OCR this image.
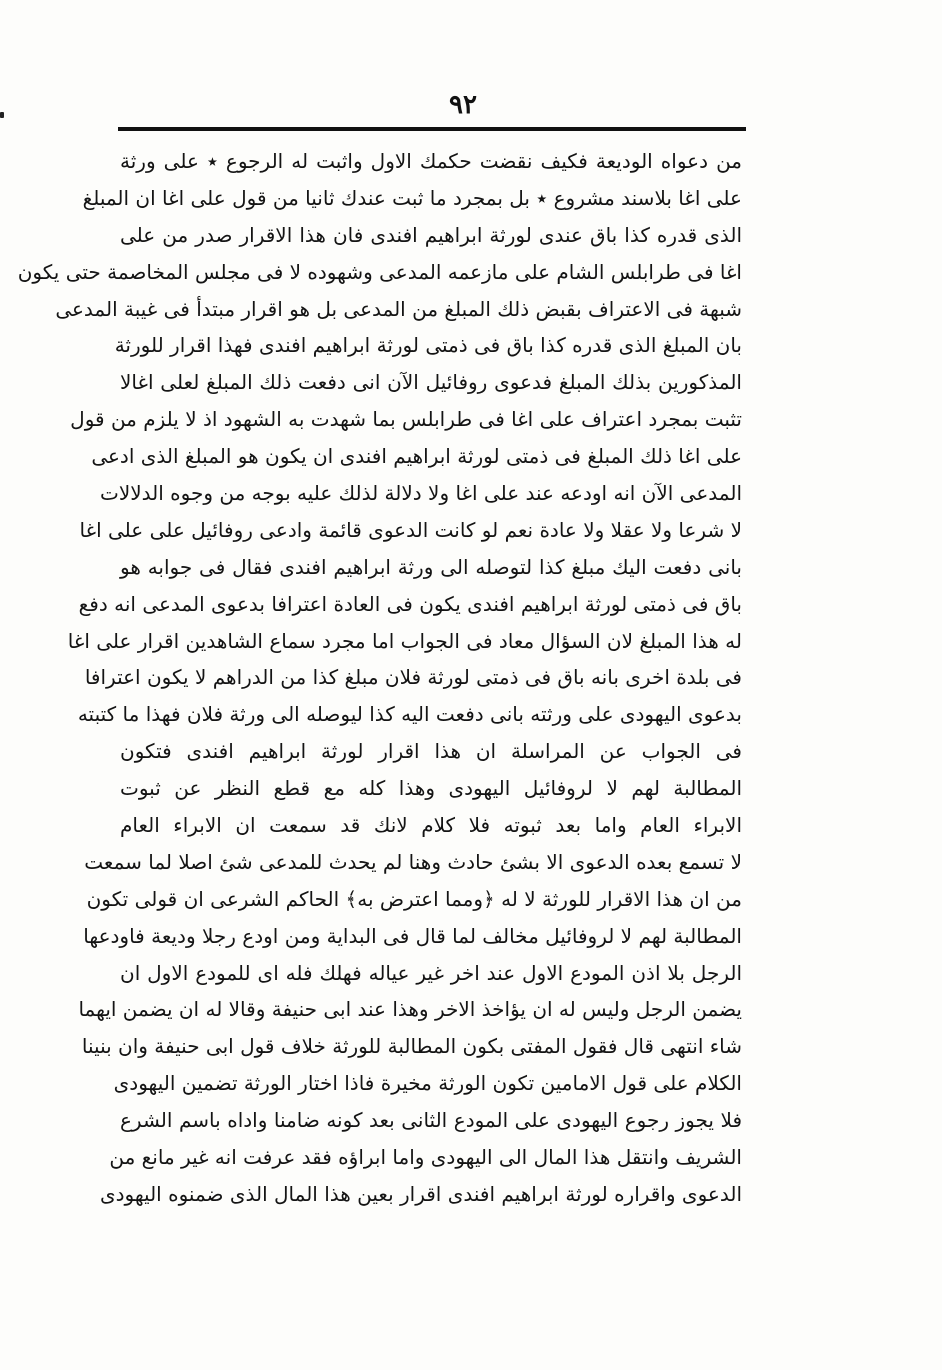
٩٢
من دعواه الوديعة فكيف نقضت حكمك الاول واثبت له الرجوع ٭ على ورثة
على اغا بلاسند مشروع ٭ بل بمجرد ما ثبت عندك ثانيا من قول على اغا ان المبلغ
الذى قدره كذا باق عندى لورثة ابراهيم افندى فان هذا الاقرار صدر من على
اغا فى طرابلس الشام على مازعمه المدعى وشهوده لا فى مجلس المخاصمة حتى يكون
شبهة فى الاعتراف بقبض ذلك المبلغ من المدعى بل هو اقرار مبتدأ فى غيبة المدعى
بان المبلغ الذى قدره كذا باق فى ذمتى لورثة ابراهيم افندى فهذا اقرار للورثة
المذكورين بذلك المبلغ فدعوى روفائيل الآن انى دفعت ذلك المبلغ لعلى اغالا
تثبت بمجرد اعتراف على اغا فى طرابلس بما شهدت به الشهود اذ لا يلزم من قول
على اغا ذلك المبلغ فى ذمتى لورثة ابراهيم افندى ان يكون هو المبلغ الذى ادعى
المدعى الآن انه اودعه عند على اغا ولا دلالة لذلك عليه بوجه من وجوه الدلالات
لا شرعا ولا عقلا ولا عادة نعم لو كانت الدعوى قائمة وادعى روفائيل على على اغا
بانى دفعت اليك مبلغ كذا لتوصله الى ورثة ابراهيم افندى فقال فى جوابه هو
باق فى ذمتى لورثة ابراهيم افندى يكون فى العادة اعترافا بدعوى المدعى انه دفع
له هذا المبلغ لان السؤال معاد فى الجواب اما مجرد سماع الشاهدين اقرار على اغا
فى بلدة اخرى بانه باق فى ذمتى لورثة فلان مبلغ كذا من الدراهم لا يكون اعترافا
بدعوى اليهودى على ورثته بانى دفعت اليه كذا ليوصله الى ورثة فلان فهذا ما كتبته
فى الجواب عن المراسلة ان هذا اقرار لورثة ابراهيم افندى فتكون
المطالبة لهم لا لروفائيل اليهودى وهذا كله مع قطع النظر عن ثبوت
الابراء العام واما بعد ثبوته فلا كلام لانك قد سمعت ان الابراء العام
لا تسمع بعده الدعوى الا بشئ حادث وهنا لم يحدث للمدعى شئ اصلا لما سمعت
من ان هذا الاقرار للورثة لا له ﴿ومما اعترض به﴾ الحاكم الشرعى ان قولى تكون
المطالبة لهم لا لروفائيل مخالف لما قال فى البداية ومن اودع رجلا وديعة فاودعها
الرجل بلا اذن المودع الاول عند اخر غير عياله فهلك فله اى للمودع الاول ان
يضمن الرجل وليس له ان يؤاخذ الاخر وهذا عند ابى حنيفة وقالا له ان يضمن ايهما
شاء انتهى قال فقول المفتى بكون المطالبة للورثة خلاف قول ابى حنيفة وان بنينا
الكلام على قول الامامين تكون الورثة مخيرة فاذا اختار الورثة تضمين اليهودى
فلا يجوز رجوع اليهودى على المودع الثانى بعد كونه ضامنا واداه باسم الشرع
الشريف وانتقل هذا المال الى اليهودى واما ابراؤه فقد عرفت انه غير مانع من
الدعوى واقراره لورثة ابراهيم افندى اقرار بعين هذا المال الذى ضمنوه اليهودى
